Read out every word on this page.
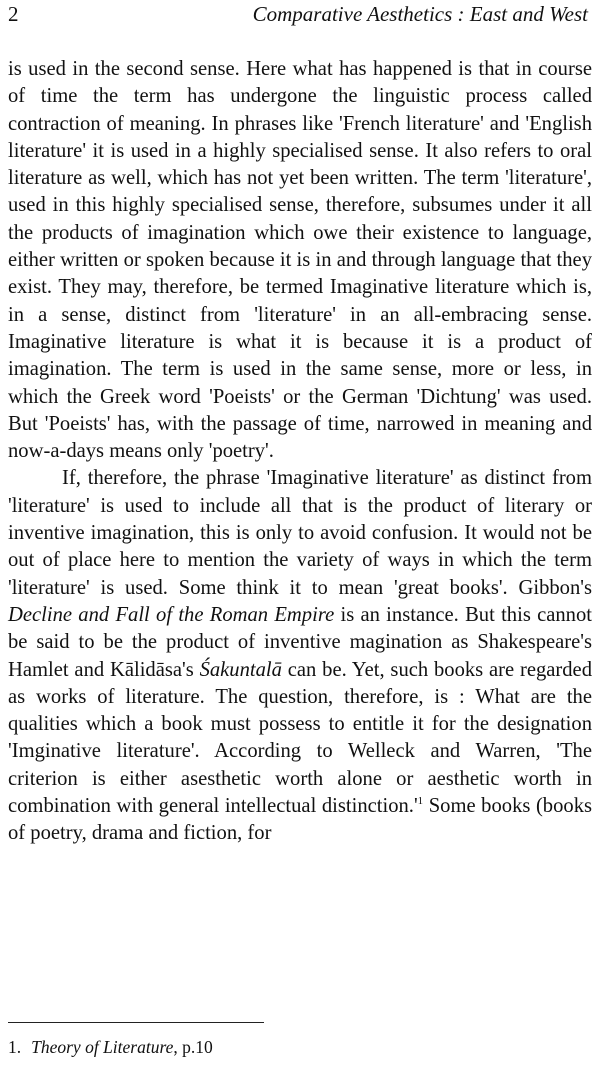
2	Comparative Aesthetics : East and West

is used in the second sense. Here what has happened is that in course of time the term has undergone the linguistic process called contraction of meaning. In phrases like 'French literature' and 'English literature' it is used in a highly specialised sense. It also refers to oral literature as well, which has not yet been written. The term 'literature', used in this highly specialised sense, therefore, subsumes under it all the products of imagination which owe their existence to language, either written or spoken because it is in and through language that they exist. They may, therefore, be termed Imaginative literature which is, in a sense, distinct from 'literature' in an all-embracing sense. Imaginative literature is what it is because it is a product of imagination. The term is used in the same sense, more or less, in which the Greek word 'Poeists' or the German 'Dichtung' was used. But 'Poeists' has, with the passage of time, narrowed in meaning and now-a-days means only 'poetry'.

If, therefore, the phrase 'Imaginative literature' as distinct from 'literature' is used to include all that is the product of literary or inventive imagination, this is only to avoid confusion. It would not be out of place here to mention the variety of ways in which the term 'literature' is used. Some think it to mean 'great books'. Gibbon's Decline and Fall of the Roman Empire is an instance. But this cannot be said to be the product of inventive magination as Shakespeare's Hamlet and Kālidāsa's Śakuntalā can be. Yet, such books are regarded as works of literature. The question, therefore, is : What are the qualities which a book must possess to entitle it for the designation 'Imginative literature'. According to Welleck and Warren, 'The criterion is either asesthetic worth alone or aesthetic worth in combination with general intellectual $distinction.'^1$ Some books (books of poetry, drama and fiction, for

1. Theory of Literature, p.10
